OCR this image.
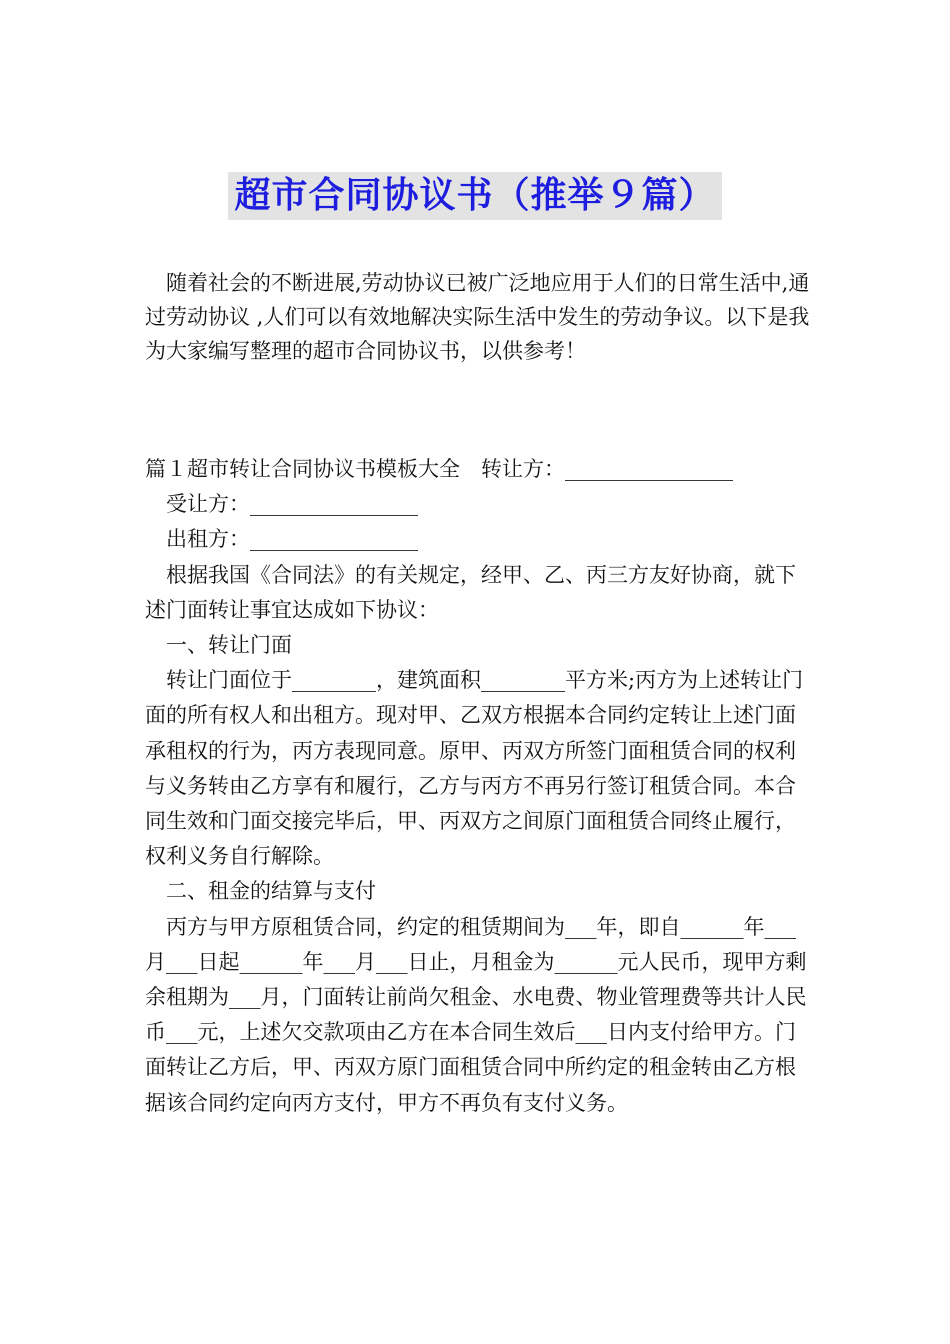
超市合同协议书（推举９篇）

随着社会的不断进展,劳动协议已被广泛地应用于人们的日常生活中,通过劳动协议 ,人们可以有效地解决实际生活中发生的劳动争议。以下是我为大家编写整理的超市合同协议书，以供参考！

篇１超市转让合同协议书模板大全　转让方：________________

受让方：________________

出租方：________________

根据我国《合同法》的有关规定，经甲、乙、丙三方友好协商，就下述门面转让事宜达成如下协议：

一、转让门面

转让门面位于________，建筑面积________平方米;丙方为上述转让门面的所有权人和出租方。现对甲、乙双方根据本合同约定转让上述门面承租权的行为，丙方表现同意。原甲、丙双方所签门面租赁合同的权利与义务转由乙方享有和履行，乙方与丙方不再另行签订租赁合同。本合同生效和门面交接完毕后，甲、丙双方之间原门面租赁合同终止履行，权利义务自行解除。

二、租金的结算与支付

丙方与甲方原租赁合同，约定的租赁期间为___年，即自______年___月___日起______年___月___日止，月租金为______元人民币，现甲方剩余租期为___月，门面转让前尚欠租金、水电费、物业管理费等共计人民币___元，上述欠交款项由乙方在本合同生效后___日内支付给甲方。门面转让乙方后，甲、丙双方原门面租赁合同中所约定的租金转由乙方根据该合同约定向丙方支付，甲方不再负有支付义务。
